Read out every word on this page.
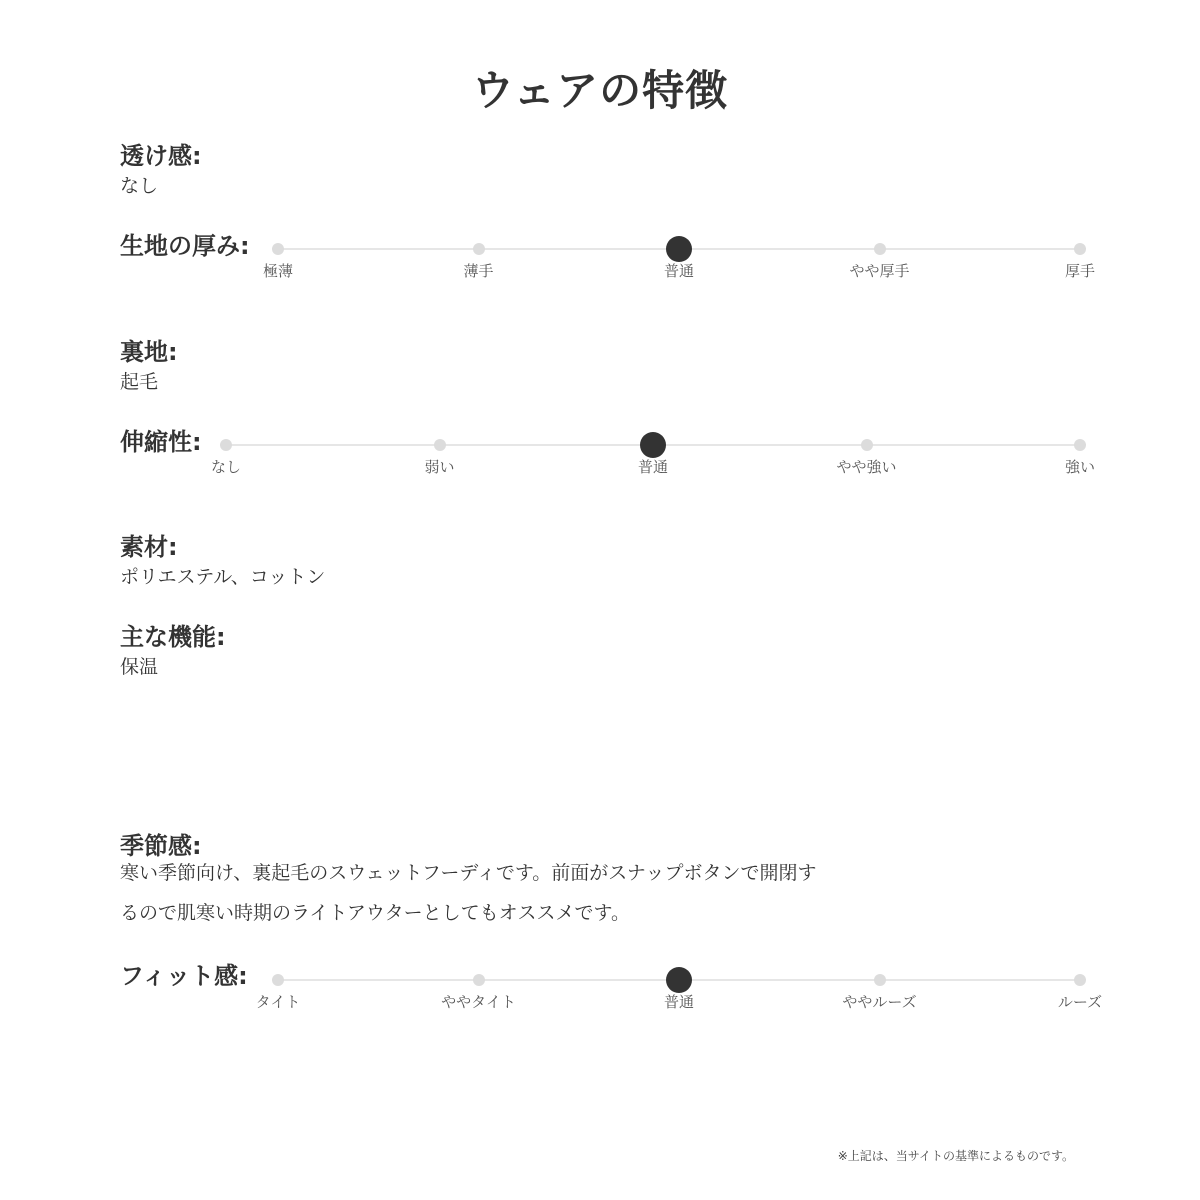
ウェアの特徴
透け感:
なし
生地の厚み:
極薄	薄手	普通	やや厚手	厚手
裏地:
起毛
伸縮性:
なし	弱い	普通	やや強い	強い
素材:
ポリエステル、コットン
主な機能:
保温
季節感:
寒い季節向け、裏起毛のスウェットフーディです。前面がスナップボタンで開閉す
るので肌寒い時期のライトアウターとしてもオススメです。
フィット感:
タイト	ややタイト	普通	ややルーズ	ルーズ
※上記は、当サイトの基準によるものです。
